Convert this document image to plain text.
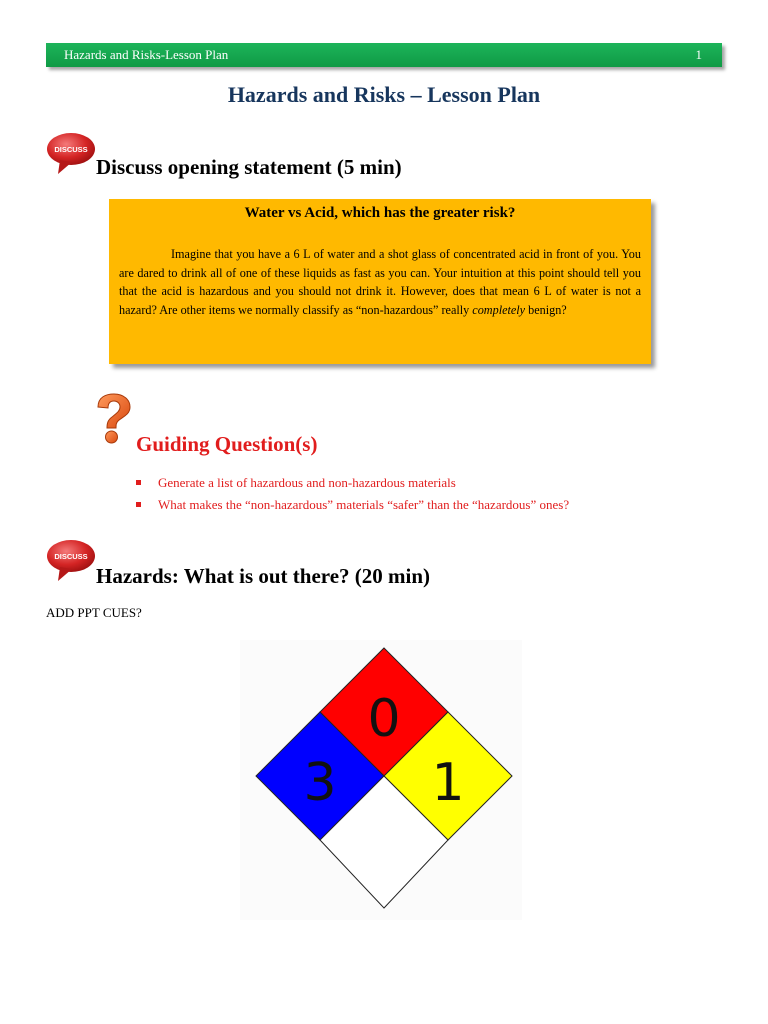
Hazards and Risks-Lesson Plan	1
Hazards and Risks – Lesson Plan
DISCUSS
Discuss opening statement (5 min)
Water vs Acid, which has the greater risk?
Imagine that you have a 6 L of water and a shot glass of concentrated acid in front of you. You are dared to drink all of one of these liquids as fast as you can. Your intuition at this point should tell you that the acid is hazardous and you should not drink it. However, does that mean 6 L of water is not a hazard? Are other items we normally classify as “non-hazardous” really completely benign?
Guiding Question(s)
Generate a list of hazardous and non-hazardous materials
What makes the “non-hazardous” materials “safer” than the “hazardous” ones?
DISCUSS
Hazards: What is out there? (20 min)
ADD PPT CUES?
0
3 1
